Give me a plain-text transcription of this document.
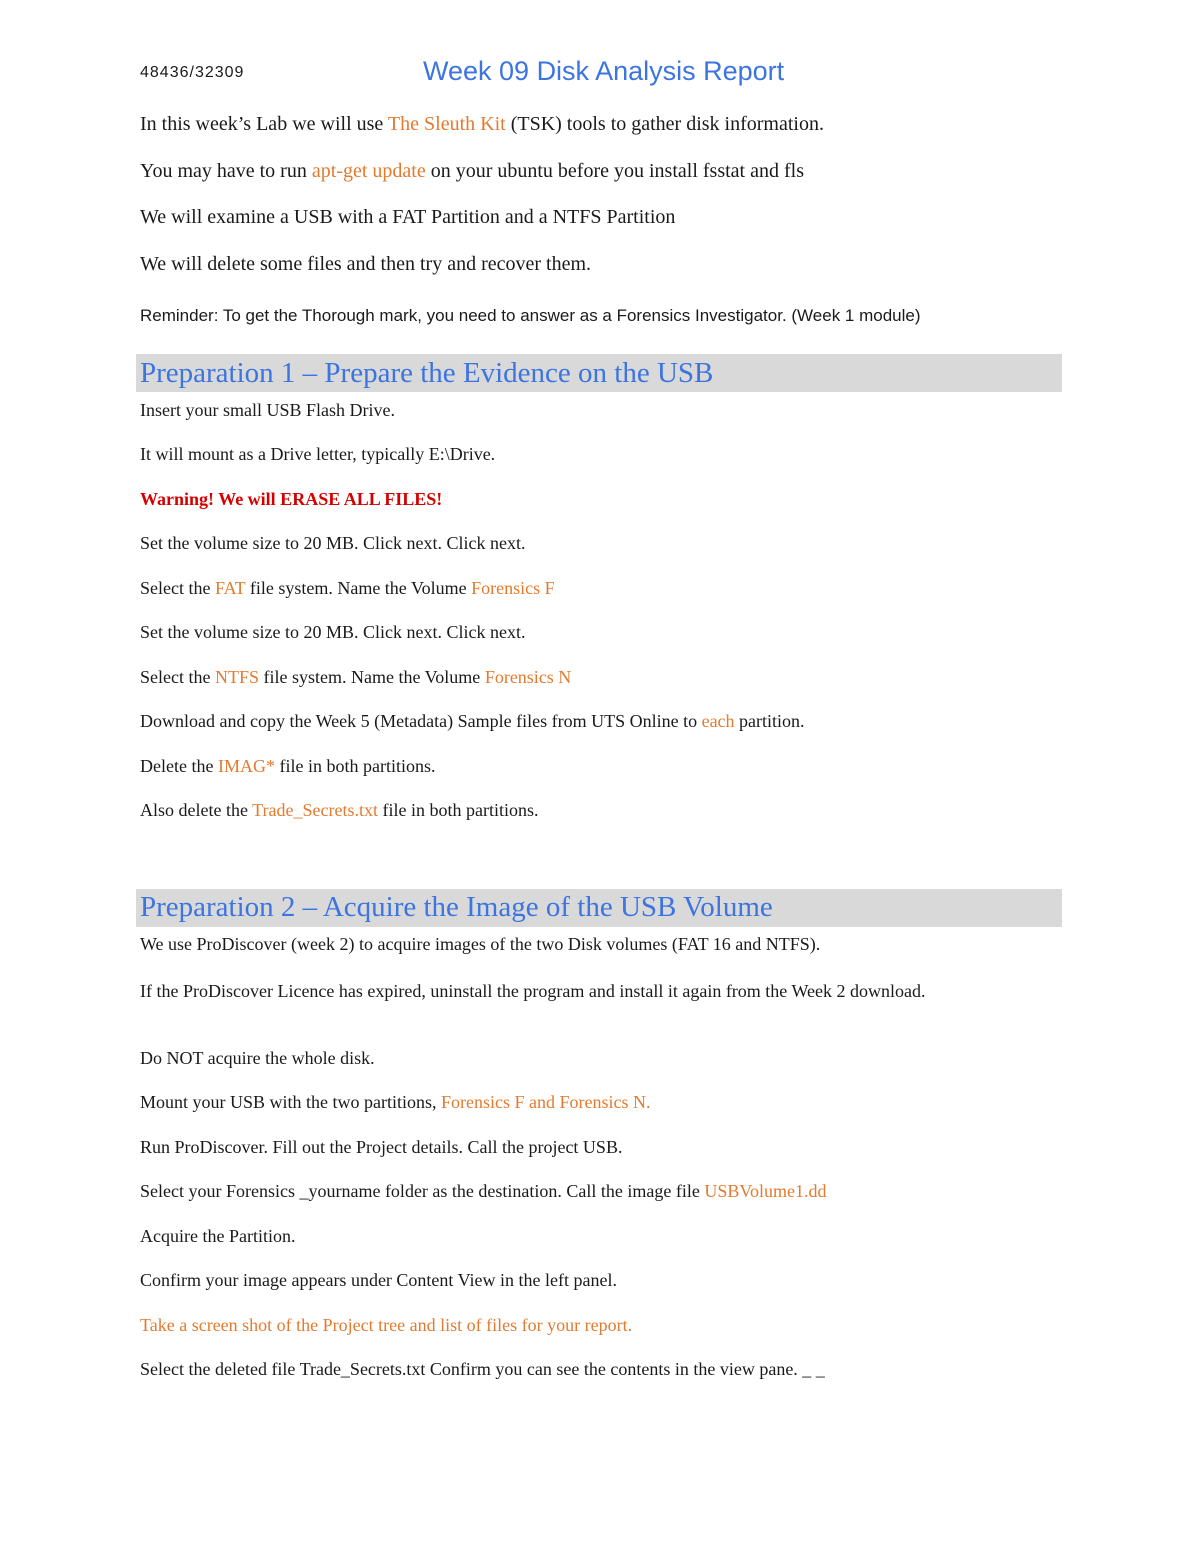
48436/32309	Week 09 Disk Analysis Report
In this week’s Lab we will use The Sleuth Kit (TSK) tools to gather disk information.
You may have to run apt-get update on your ubuntu before you install fsstat and fls
We will examine a USB with a FAT Partition and a NTFS Partition
We will delete some files and then try and recover them.
Reminder: To get the Thorough mark, you need to answer as a Forensics Investigator. (Week 1 module)
Preparation 1 – Prepare the Evidence on the USB
Insert your small USB Flash Drive.
It will mount as a Drive letter, typically E:\Drive.
Warning! We will ERASE ALL FILES!
Set the volume size to 20 MB. Click next. Click next.
Select the FAT file system. Name the Volume Forensics F
Set the volume size to 20 MB. Click next. Click next.
Select the NTFS file system. Name the Volume Forensics N
Download and copy the Week 5 (Metadata) Sample files from UTS Online to each partition.
Delete the IMAG* file in both partitions.
Also delete the Trade_Secrets.txt file in both partitions.
Preparation 2 – Acquire the Image of the USB Volume
We use ProDiscover (week 2) to acquire images of the two Disk volumes (FAT 16 and NTFS).
If the ProDiscover Licence has expired, uninstall the program and install it again from the Week 2 download.
Do NOT acquire the whole disk.
Mount your USB with the two partitions, Forensics F and Forensics N.
Run ProDiscover. Fill out the Project details. Call the project USB.
Select your Forensics _yourname folder as the destination. Call the image file USBVolume1.dd
Acquire the Partition.
Confirm your image appears under Content View in the left panel.
Take a screen shot of the Project tree and list of files for your report.
Select the deleted file Trade_Secrets.txt Confirm you can see the contents in the view pane. _ _
